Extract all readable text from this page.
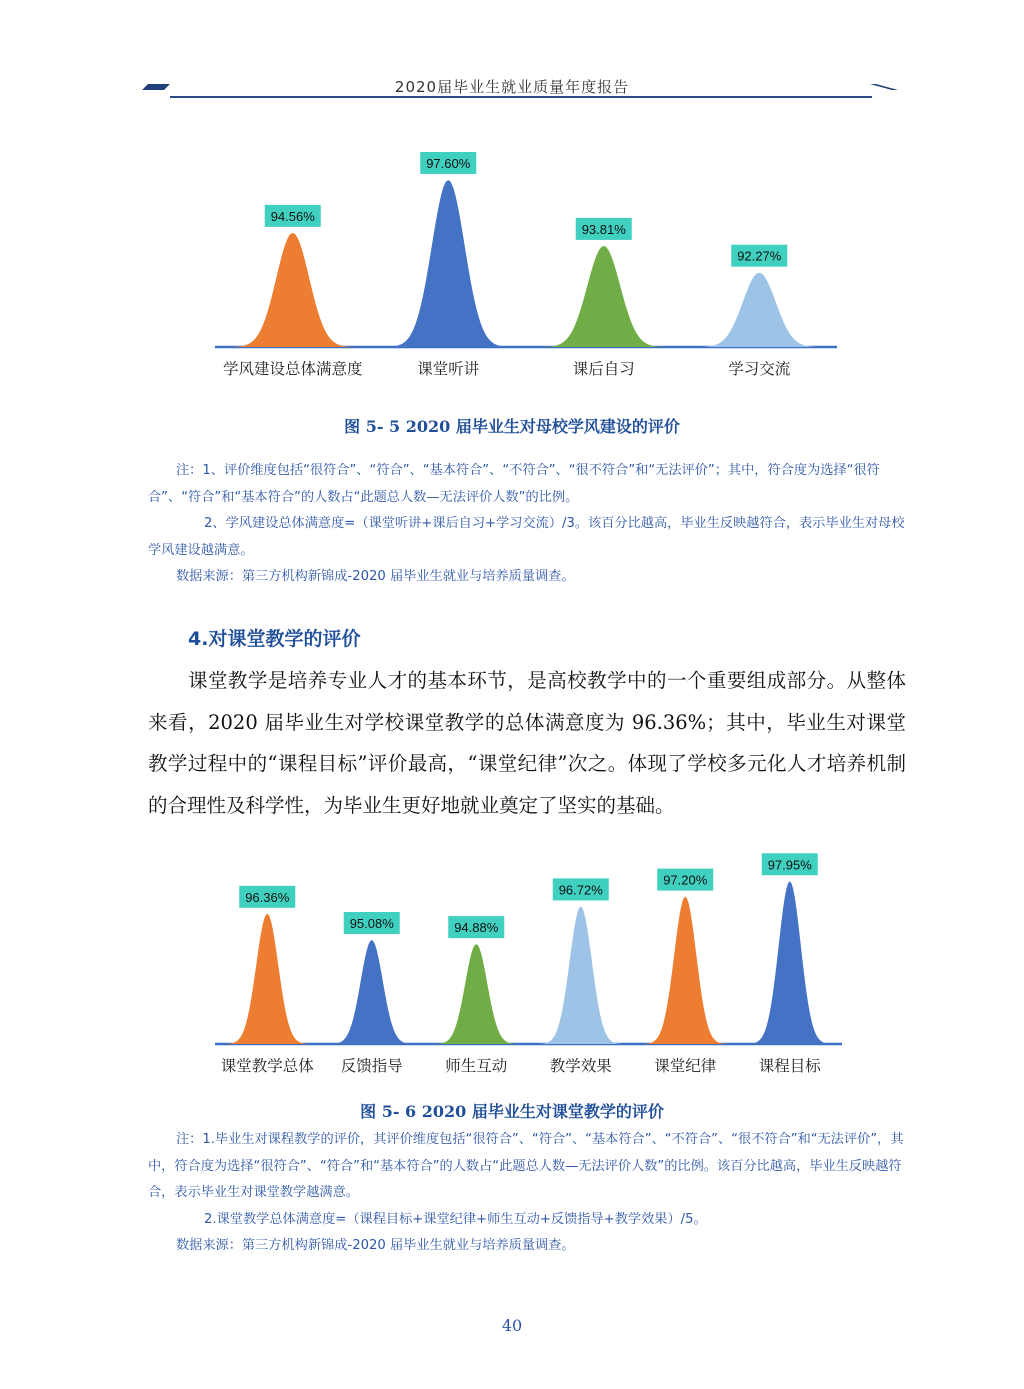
2020届毕业生就业质量年度报告
94.56%
学风建设总体满意度
97.60%
课堂听讲
93.81%
课后自习
92.27%
学习交流
图 5- 5 2020 届毕业生对母校学风建设的评价

注：1、评价维度包括“很符合”、“符合”、“基本符合”、“不符合”、“很不符合”和“无法评价”；其中，符合度为选择“很符合”、“符合”和“基本符合”的人数占“此题总人数—无法评价人数”的比例。

2、学风建设总体满意度=（课堂听讲+课后自习+学习交流）/3。该百分比越高，毕业生反映越符合，表示毕业生对母校学风建设越满意。

数据来源：第三方机构新锦成-2020 届毕业生就业与培养质量调查。

4.对课堂教学的评价

课堂教学是培养专业人才的基本环节，是高校教学中的一个重要组成部分。从整体来看，2020 届毕业生对学校课堂教学的总体满意度为 96.36%；其中，毕业生对课堂教学过程中的“课程目标”评价最高，“课堂纪律”次之。体现了学校多元化人才培养机制的合理性及科学性，为毕业生更好地就业奠定了坚实的基础。

96.36%
课堂教学总体
95.08%
反馈指导
94.88%
师生互动
96.72%
教学效果
97.20%
课堂纪律
97.95%
课程目标
图 5- 6 2020 届毕业生对课堂教学的评价

注：1.毕业生对课程教学的评价，其评价维度包括“很符合”、“符合”、“基本符合”、“不符合”、“很不符合”和“无法评价”，其中，符合度为选择“很符合”、“符合”和“基本符合”的人数占“此题总人数—无法评价人数”的比例。该百分比越高，毕业生反映越符合，表示毕业生对课堂教学越满意。

2.课堂教学总体满意度=（课程目标+课堂纪律+师生互动+反馈指导+教学效果）/5。

数据来源：第三方机构新锦成-2020 届毕业生就业与培养质量调查。

40
